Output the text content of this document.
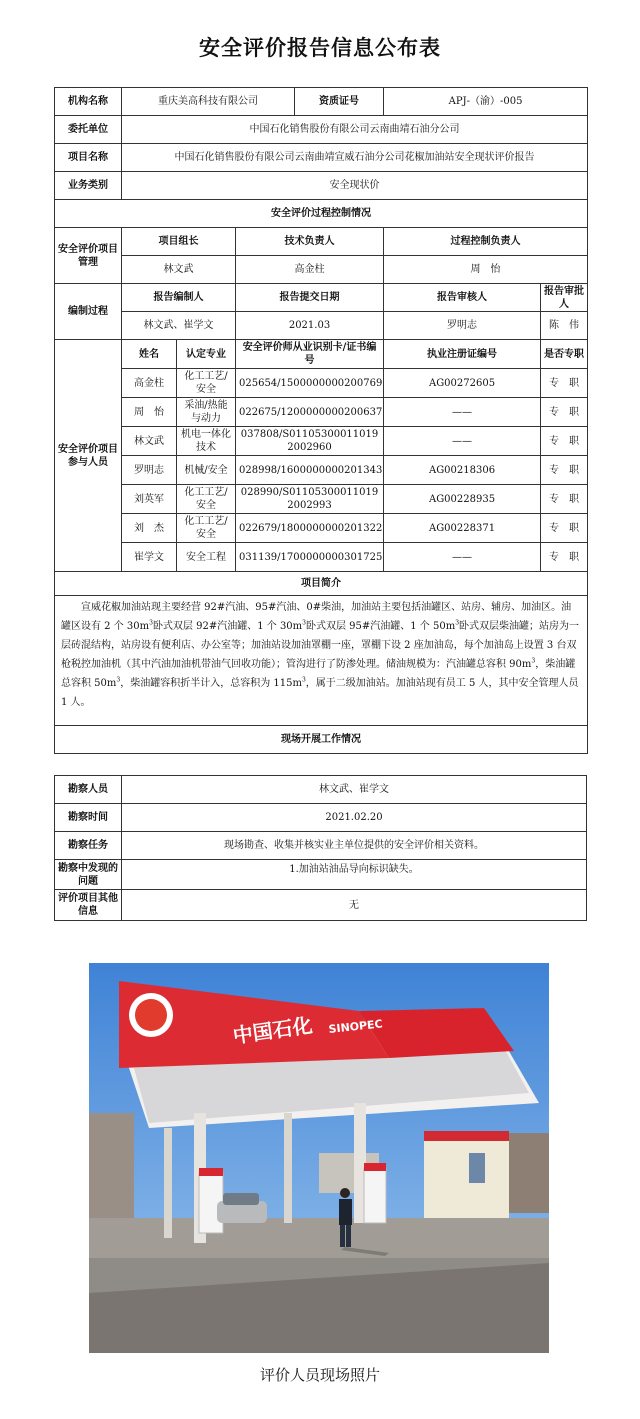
安全评价报告信息公布表
机构名称	重庆美高科技有限公司			资质证号	APJ-（渝）-005	
委托单位	中国石化销售股份有限公司云南曲靖石油分公司					
项目名称	中国石化销售股份有限公司云南曲靖宣威石油分公司花椒加油站安全现状评价报告					
业务类别	安全现状价					
安全评价过程控制情况						
安全评价项目管理	项目组长		技术负责人		过程控制负责人	
	林文武		高金柱		周　怡	
编制过程	报告编制人		报告提交日期		报告审核人	报告审批人
	林文武、崔学文		2021.03		罗明志	陈　伟
安全评价项目参与人员	姓名	认定专业	安全评价师从业识别卡/证书编号		执业注册证编号	是否专职
	高金柱	化工工艺/安全	025654/1500000000200769		AG00272605	专　职
	周　怡	采油/热能与动力	022675/1200000000200637		——	专　职
	林文武	机电一体化技术	037808/S011053000110192002960		——	专　职
	罗明志	机械/安全	028998/1600000000201343		AG00218306	专　职
	刘英军	化工工艺/安全	028990/S011053000110192002993		AG00228935	专　职
	刘　杰	化工工艺/安全	022679/1800000000201322		AG00228371	专　职
	崔学文	安全工程	031139/1700000000301725		——	专　职
项目简介						
宣威花椒加油站现主要经营 92#汽油、95#汽油、0#柴油，加油站主要包括油罐区、站房、辅房、加油区。油罐区设有 2 个 $30m^3$卧式双层 92#汽油罐、1 个 $30m^3$卧式双层 95#汽油罐、1 个 $50m^3$卧式双层柴油罐；站房为一层砖混结构，站房设有便利店、办公室等；加油站设加油罩棚一座，罩棚下设 2 座加油岛，每个加油岛上设置 3 台双枪税控加油机（其中汽油加油机带油气回收功能）；管沟进行了防渗处理。储油规模为：汽油罐总容积 $90m^3$，柴油罐总容积 $50m^3$，柴油罐容积折半计入，总容积为 $115m^3$，属于二级加油站。加油站现有员工 5 人，其中安全管理人员 1 人。						
现场开展工作情况						
勘察人员	林文武、崔学文
勘察时间	2021.02.20
勘察任务	现场勘查、收集并核实业主单位提供的安全评价相关资料。
勘察中发现的问题	1.加油站油品导向标识缺失。
评价项目其他信息	无
中国石化 SINOPEC
评价人员现场照片
